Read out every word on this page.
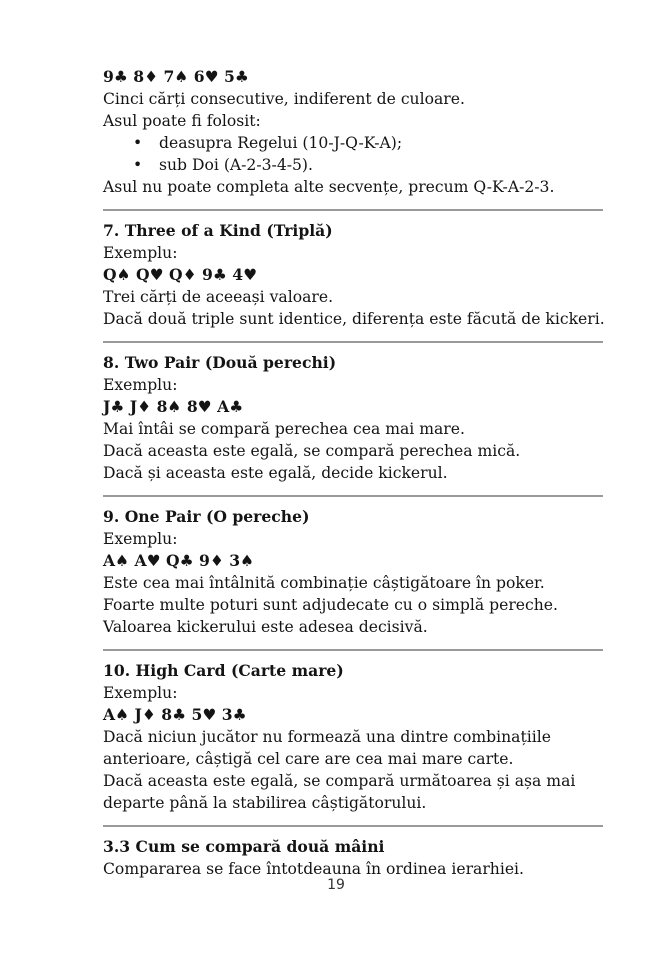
9♣ 8♦ 7♠ 6♥ 5♣
Cinci cărți consecutive, indiferent de culoare.
Asul poate fi folosit:
• deasupra Regelui (10-J-Q-K-A);
• sub Doi (A-2-3-4-5).
Asul nu poate completa alte secvențe, precum Q-K-A-2-3.
7. Three of a Kind (Triplă)
Exemplu:
Q♠ Q♥ Q♦ 9♣ 4♥
Trei cărți de aceeași valoare.
Dacă două triple sunt identice, diferența este făcută de kickeri.
8. Two Pair (Două perechi)
Exemplu:
J♣ J♦ 8♠ 8♥ A♣
Mai întâi se compară perechea cea mai mare.
Dacă aceasta este egală, se compară perechea mică.
Dacă și aceasta este egală, decide kickerul.
9. One Pair (O pereche)
Exemplu:
A♠ A♥ Q♣ 9♦ 3♠
Este cea mai întâlnită combinație câștigătoare în poker.
Foarte multe poturi sunt adjudecate cu o simplă pereche.
Valoarea kickerului este adesea decisivă.
10. High Card (Carte mare)
Exemplu:
A♠ J♦ 8♣ 5♥ 3♣
Dacă niciun jucător nu formează una dintre combinațiile
anterioare, câștigă cel care are cea mai mare carte.
Dacă aceasta este egală, se compară următoarea și așa mai
departe până la stabilirea câștigătorului.
3.3 Cum se compară două mâini
Compararea se face întotdeauna în ordinea ierarhiei.
19
